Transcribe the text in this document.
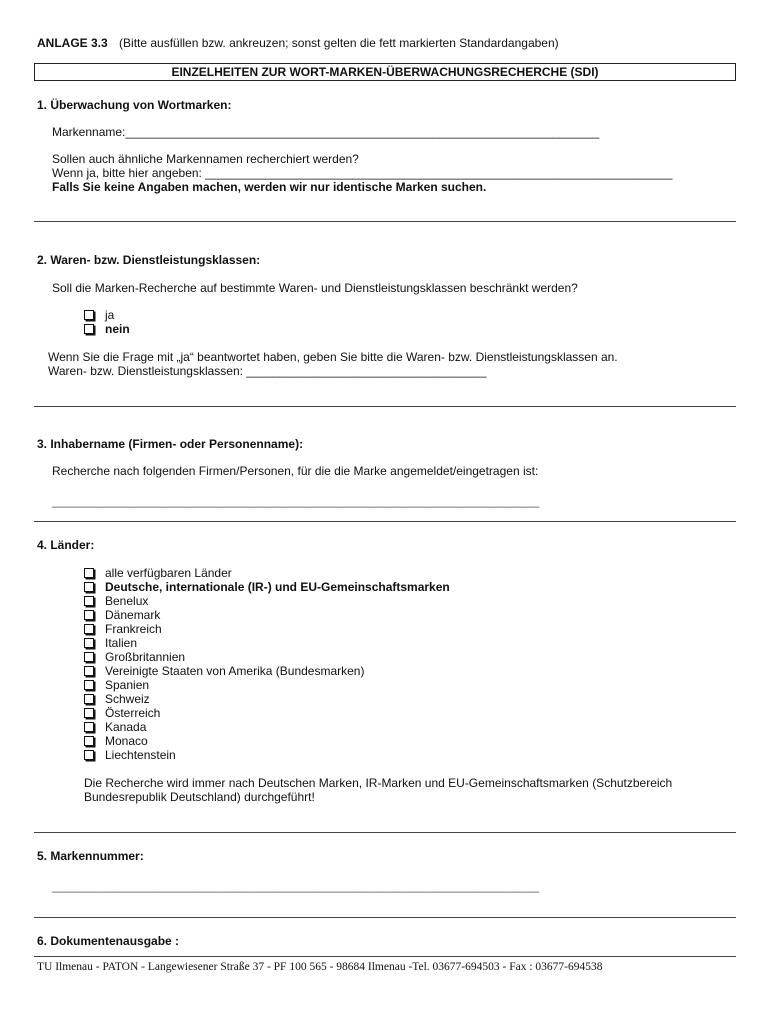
ANLAGE 3.3 (Bitte ausfüllen bzw. ankreuzen; sonst gelten die fett markierten Standardangaben)
EINZELHEITEN ZUR WORT-MARKEN-ÜBERWACHUNGSRECHERCHE (SDI)
1. Überwachung von Wortmarken:
Markenname:_______________________________________________________________________
Sollen auch ähnliche Markennamen recherchiert werden?
Wenn ja, bitte hier angeben: ______________________________________________________________________
Falls Sie keine Angaben machen, werden wir nur identische Marken suchen.
2. Waren- bzw. Dienstleistungsklassen:
Soll die Marken-Recherche auf bestimmte Waren- und Dienstleistungsklassen beschränkt werden?
ja
nein
Wenn Sie die Frage mit „ja“ beantwortet haben, geben Sie bitte die Waren- bzw. Dienstleistungsklassen an.
Waren- bzw. Dienstleistungsklassen: ____________________________________
3. Inhabername (Firmen- oder Personenname):
Recherche nach folgenden Firmen/Personen, für die die Marke angemeldet/eingetragen ist:
_________________________________________________________________________
4. Länder:
alle verfügbaren Länder
Deutsche, internationale (IR-) und EU-Gemeinschaftsmarken
Benelux
Dänemark
Frankreich
Italien
Großbritannien
Vereinigte Staaten von Amerika (Bundesmarken)
Spanien
Schweiz
Österreich
Kanada
Monaco
Liechtenstein
Die Recherche wird immer nach Deutschen Marken, IR-Marken und EU-Gemeinschaftsmarken (Schutzbereich
Bundesrepublik Deutschland) durchgeführt!
5. Markennummer:
_________________________________________________________________________
6. Dokumentenausgabe :
TU Ilmenau - PATON - Langewiesener Straße 37 - PF 100 565 - 98684 Ilmenau -Tel. 03677-694503 - Fax : 03677-694538
